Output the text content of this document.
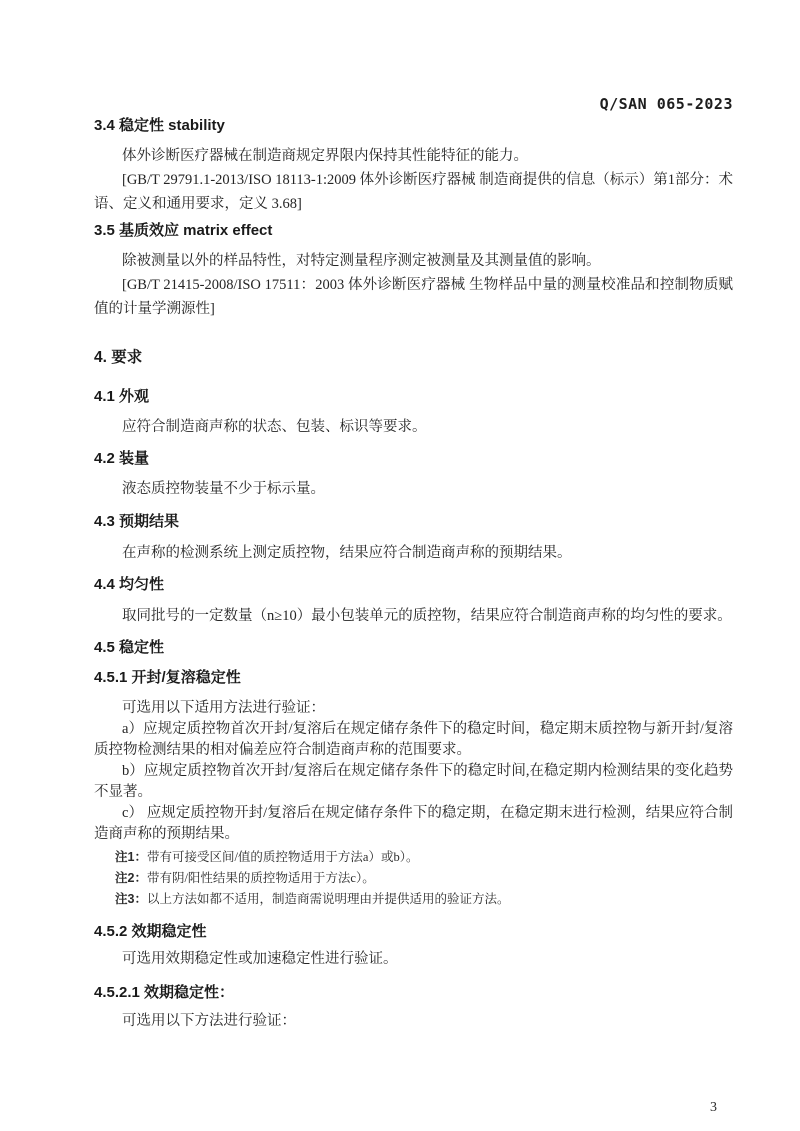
Q/SAN 065-2023
3.4 稳定性 stability

体外诊断医疗器械在制造商规定界限内保持其性能特征的能力。

[GB/T 29791.1-2013/ISO 18113-1:2009 体外诊断医疗器械 制造商提供的信息（标示）第1部分：术语、定义和通用要求，定义 3.68]

3.5 基质效应 matrix effect

除被测量以外的样品特性，对特定测量程序测定被测量及其测量值的影响。

[GB/T 21415-2008/ISO 17511：2003 体外诊断医疗器械 生物样品中量的测量校准品和控制物质赋值的计量学溯源性]

4. 要求
4.1 外观

应符合制造商声称的状态、包装、标识等要求。

4.2 装量

液态质控物装量不少于标示量。

4.3 预期结果

在声称的检测系统上测定质控物，结果应符合制造商声称的预期结果。

4.4 均匀性

取同批号的一定数量（n≥10）最小包装单元的质控物，结果应符合制造商声称的均匀性的要求。

4.5 稳定性
4.5.1 开封/复溶稳定性

可选用以下适用方法进行验证：

a）应规定质控物首次开封/复溶后在规定储存条件下的稳定时间，稳定期末质控物与新开封/复溶质控物检测结果的相对偏差应符合制造商声称的范围要求。

b）应规定质控物首次开封/复溶后在规定储存条件下的稳定时间,在稳定期内检测结果的变化趋势不显著。

c） 应规定质控物开封/复溶后在规定储存条件下的稳定期，在稳定期末进行检测，结果应符合制造商声称的预期结果。

注1：带有可接受区间/值的质控物适用于方法a）或b）。

注2：带有阴/阳性结果的质控物适用于方法c）。

注3：以上方法如都不适用，制造商需说明理由并提供适用的验证方法。

4.5.2 效期稳定性

可选用效期稳定性或加速稳定性进行验证。

4.5.2.1 效期稳定性：

可选用以下方法进行验证：

3
